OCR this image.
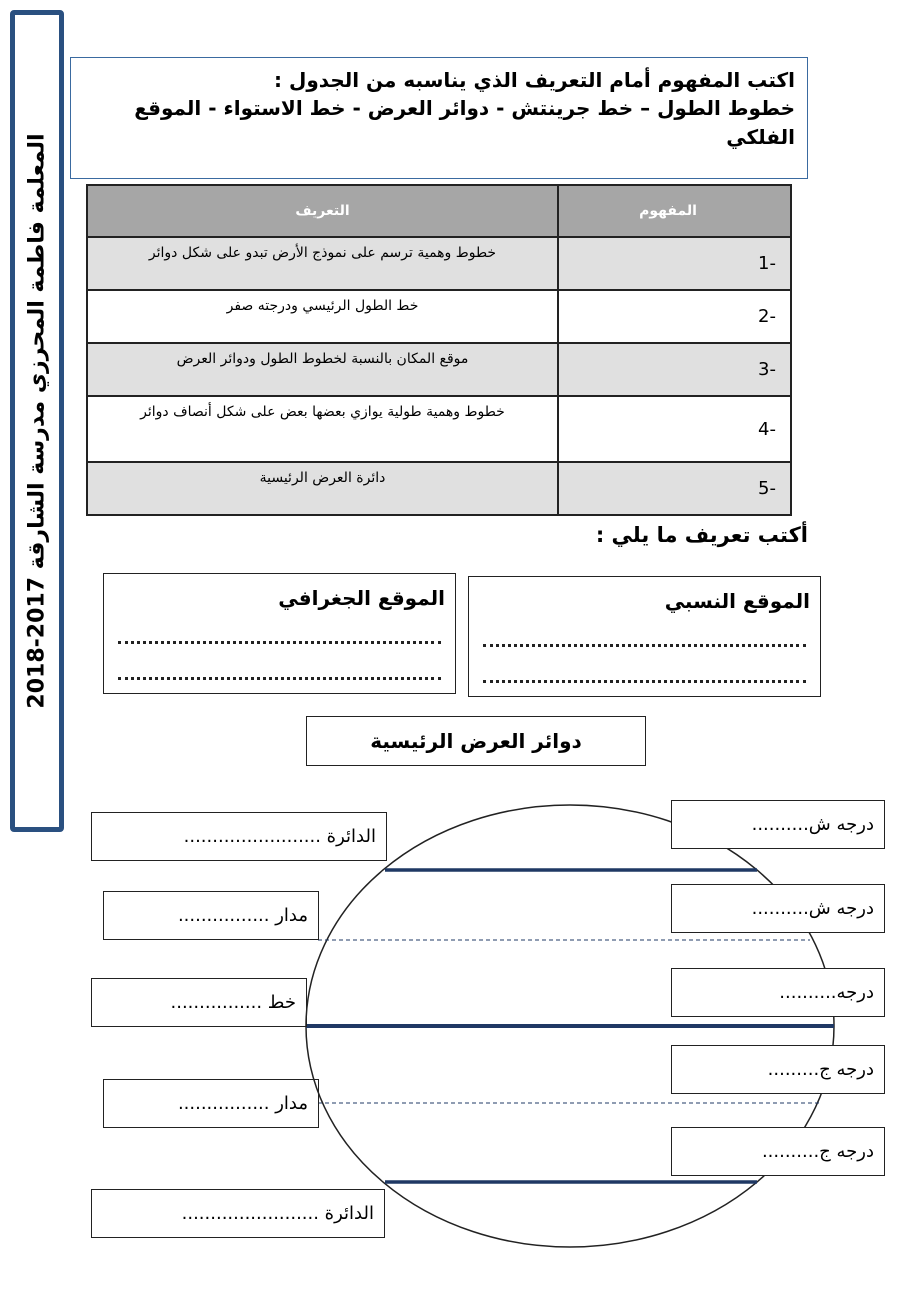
المعلمة فاطمة المحرزي مدرسة الشارقة 2017-2018
اكتب المفهوم أمام التعريف الذي يناسبه من الجدول :
خطوط الطول – خط جرينتش - دوائر العرض - خط الاستواء - الموقع الفلكي
المفهوم	التعريف
-1	خطوط وهمية ترسم على نموذج الأرض تبدو على شكل دوائر
-2	خط الطول الرئيسي ودرجته صفر
-3	موقع المكان بالنسبة لخطوط الطول ودوائر العرض
-4	خطوط وهمية طولية يوازي بعضها بعض على شكل أنصاف دوائر
-5	دائرة العرض الرئيسية
أكتب تعريف ما يلي :
الموقع النسبي
الموقع الجغرافي
دوائر العرض الرئيسية
الدائرة ........................
مدار ................
خط ................
مدار ................
الدائرة ........................
درجه ش..........
درجه ش..........
درجه..........
درجه ج.........
درجه ج..........
